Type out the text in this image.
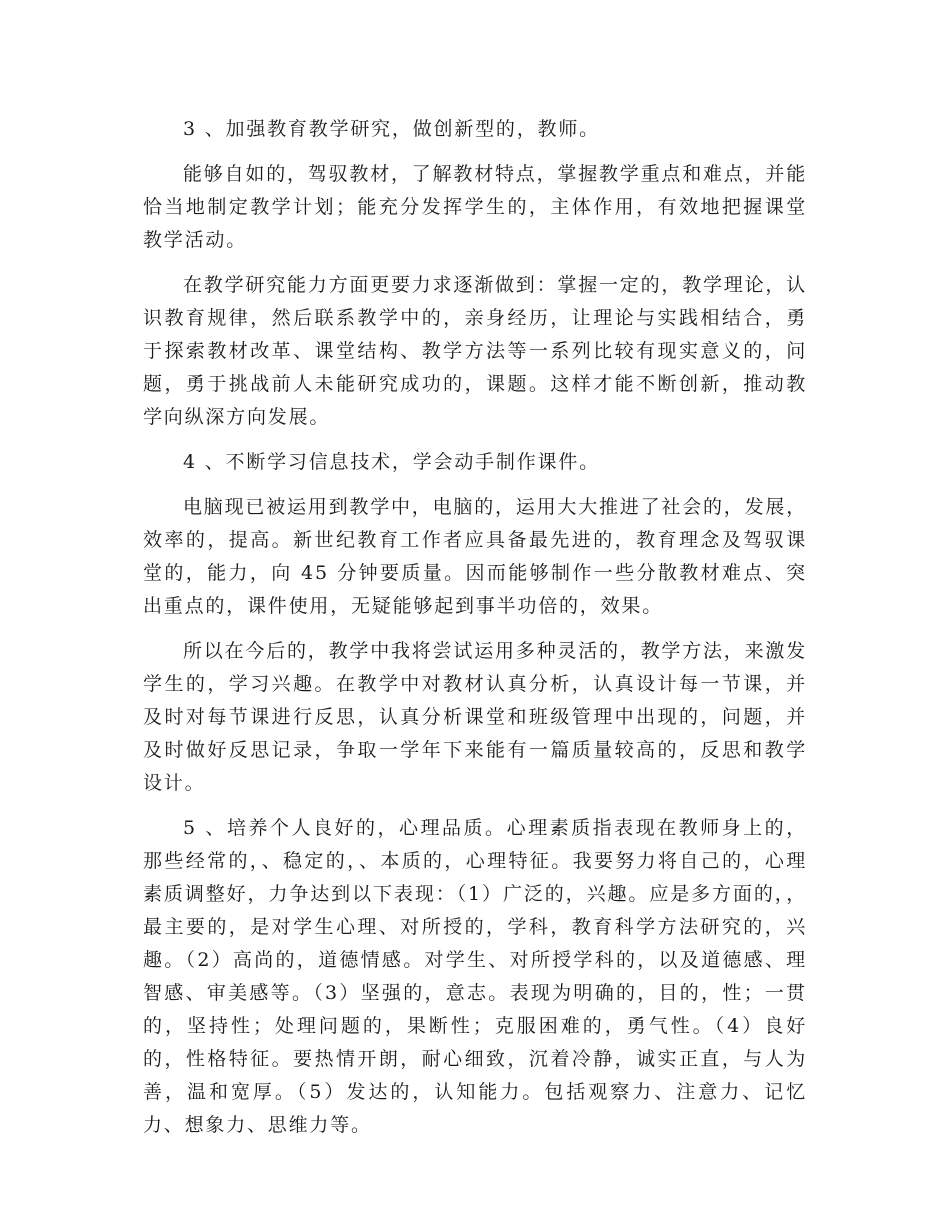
3 、加强教育教学研究，做创新型的，教师。

能够自如的，驾驭教材，了解教材特点，掌握教学重点和难点，并能恰当地制定教学计划；能充分发挥学生的，主体作用，有效地把握课堂教学活动。

在教学研究能力方面更要力求逐渐做到：掌握一定的，教学理论，认识教育规律，然后联系教学中的，亲身经历，让理论与实践相结合，勇于探索教材改革、课堂结构、教学方法等一系列比较有现实意义的，问题，勇于挑战前人未能研究成功的，课题。这样才能不断创新，推动教学向纵深方向发展。

4 、不断学习信息技术，学会动手制作课件。

电脑现已被运用到教学中，电脑的，运用大大推进了社会的，发展，效率的，提高。新世纪教育工作者应具备最先进的，教育理念及驾驭课堂的，能力，向 45 分钟要质量。因而能够制作一些分散教材难点、突出重点的，课件使用，无疑能够起到事半功倍的，效果。

所以在今后的，教学中我将尝试运用多种灵活的，教学方法，来激发学生的，学习兴趣。在教学中对教材认真分析，认真设计每一节课，并及时对每节课进行反思，认真分析课堂和班级管理中出现的，问题，并及时做好反思记录，争取一学年下来能有一篇质量较高的，反思和教学设计。

5 、培养个人良好的，心理品质。心理素质指表现在教师身上的，那些经常的，、稳定的，、本质的，心理特征。我要努力将自己的，心理素质调整好，力争达到以下表现：（1）广泛的，兴趣。应是多方面的，，最主要的，是对学生心理、对所授的，学科，教育科学方法研究的，兴趣。（2）高尚的，道德情感。对学生、对所授学科的，以及道德感、理智感、审美感等。（3）坚强的，意志。表现为明确的，目的，性；一贯的，坚持性；处理问题的，果断性；克服困难的，勇气性。（4）良好的，性格特征。要热情开朗，耐心细致，沉着冷静，诚实正直，与人为善，温和宽厚。（5）发达的，认知能力。包括观察力、注意力、记忆力、想象力、思维力等。
